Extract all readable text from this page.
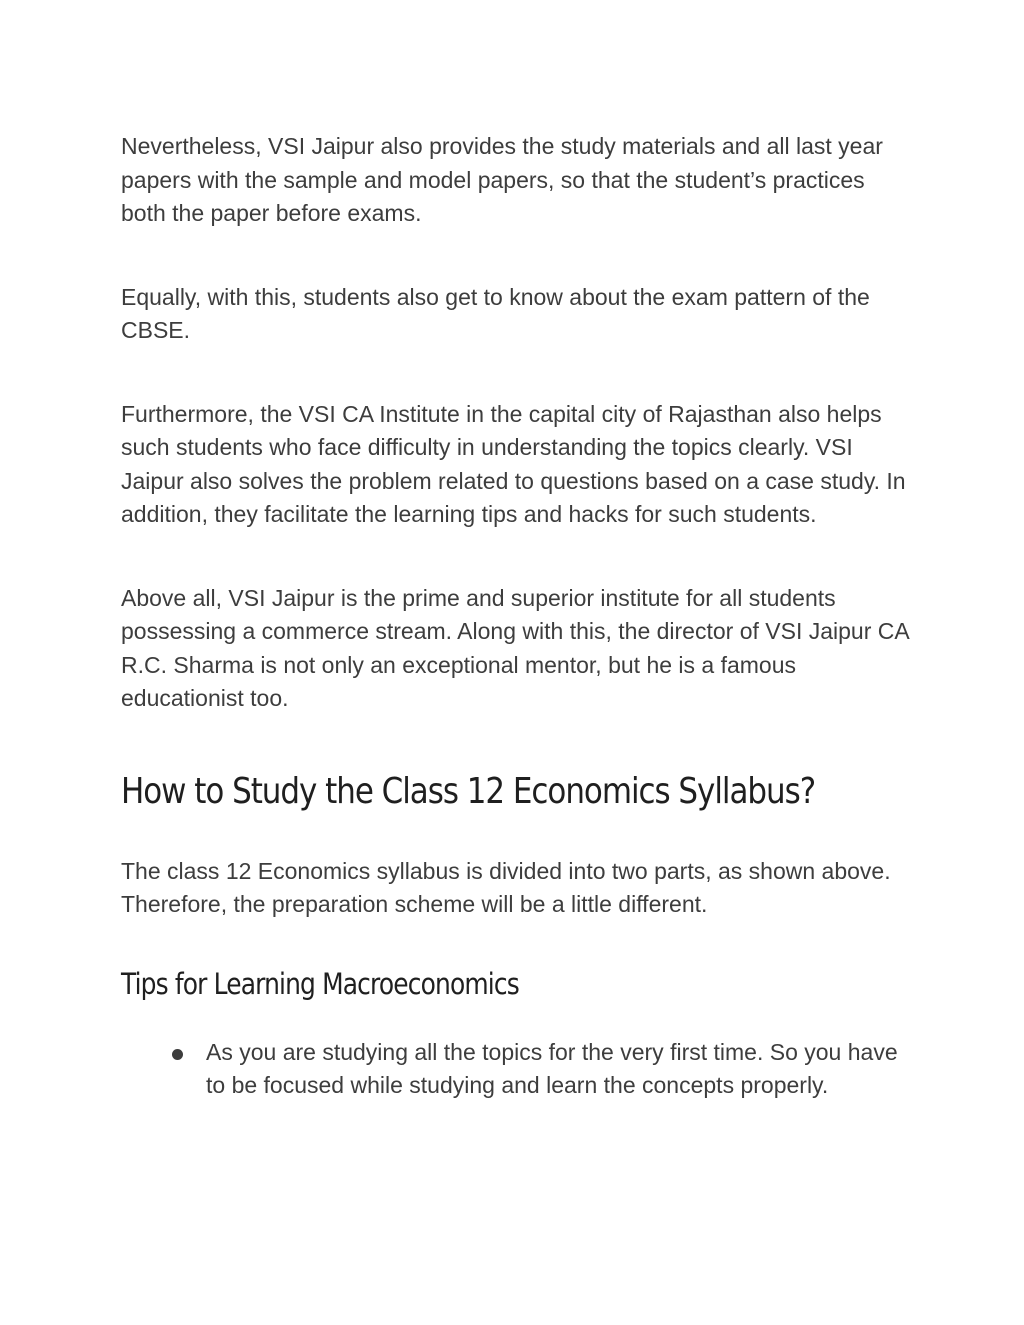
Nevertheless, VSI Jaipur also provides the study materials and all last year papers with the sample and model papers, so that the student’s practices both the paper before exams.

Equally, with this, students also get to know about the exam pattern of the CBSE.

Furthermore, the VSI CA Institute in the capital city of Rajasthan also helps such students who face difficulty in understanding the topics clearly. VSI Jaipur also solves the problem related to questions based on a case study. In addition, they facilitate the learning tips and hacks for such students.

Above all, VSI Jaipur is the prime and superior institute for all students possessing a commerce stream. Along with this, the director of VSI Jaipur CA R.C. Sharma is not only an exceptional mentor, but he is a famous educationist too.

How to Study the Class 12 Economics Syllabus?

The class 12 Economics syllabus is divided into two parts, as shown above. Therefore, the preparation scheme will be a little different.

Tips for Learning Macroeconomics
As you are studying all the topics for the very first time. So you have to be focused while studying and learn the concepts properly.
